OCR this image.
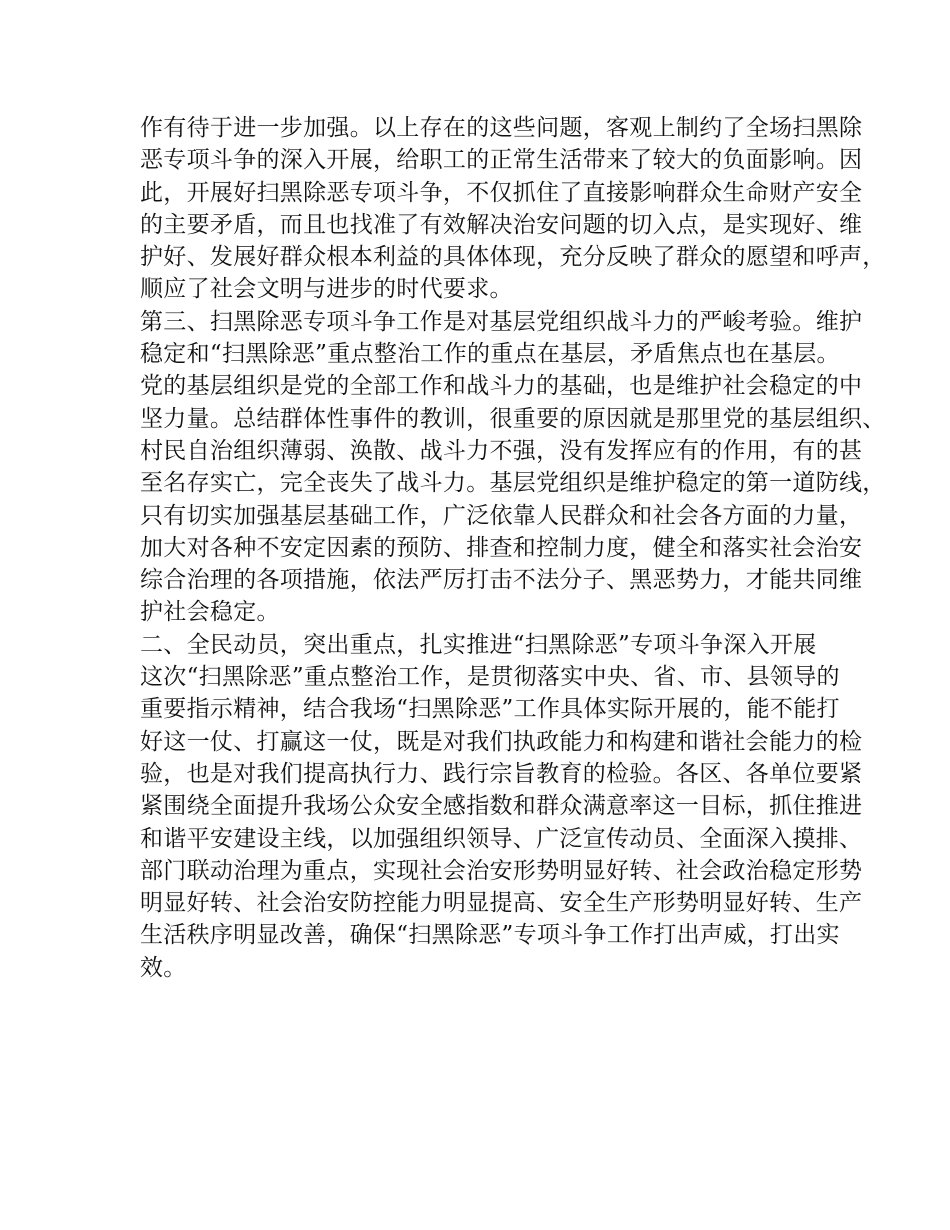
作有待于进一步加强。以上存在的这些问题，客观上制约了全场扫黑除
恶专项斗争的深入开展，给职工的正常生活带来了较大的负面影响。因
此，开展好扫黑除恶专项斗争，不仅抓住了直接影响群众生命财产安全
的主要矛盾，而且也找准了有效解决治安问题的切入点，是实现好、维
护好、发展好群众根本利益的具体体现，充分反映了群众的愿望和呼声，
顺应了社会文明与进步的时代要求。
第三、扫黑除恶专项斗争工作是对基层党组织战斗力的严峻考验。维护
稳定和“扫黑除恶”重点整治工作的重点在基层，矛盾焦点也在基层。
党的基层组织是党的全部工作和战斗力的基础，也是维护社会稳定的中
坚力量。总结群体性事件的教训，很重要的原因就是那里党的基层组织、
村民自治组织薄弱、涣散、战斗力不强，没有发挥应有的作用，有的甚
至名存实亡，完全丧失了战斗力。基层党组织是维护稳定的第一道防线，
只有切实加强基层基础工作，广泛依靠人民群众和社会各方面的力量，
加大对各种不安定因素的预防、排查和控制力度，健全和落实社会治安
综合治理的各项措施，依法严厉打击不法分子、黑恶势力，才能共同维
护社会稳定。
二、全民动员，突出重点，扎实推进“扫黑除恶”专项斗争深入开展
这次“扫黑除恶”重点整治工作，是贯彻落实中央、省、市、县领导的
重要指示精神，结合我场“扫黑除恶”工作具体实际开展的，能不能打
好这一仗、打赢这一仗，既是对我们执政能力和构建和谐社会能力的检
验，也是对我们提高执行力、践行宗旨教育的检验。各区、各单位要紧
紧围绕全面提升我场公众安全感指数和群众满意率这一目标，抓住推进
和谐平安建设主线，以加强组织领导、广泛宣传动员、全面深入摸排、
部门联动治理为重点，实现社会治安形势明显好转、社会政治稳定形势
明显好转、社会治安防控能力明显提高、安全生产形势明显好转、生产
生活秩序明显改善，确保“扫黑除恶”专项斗争工作打出声威，打出实
效。
